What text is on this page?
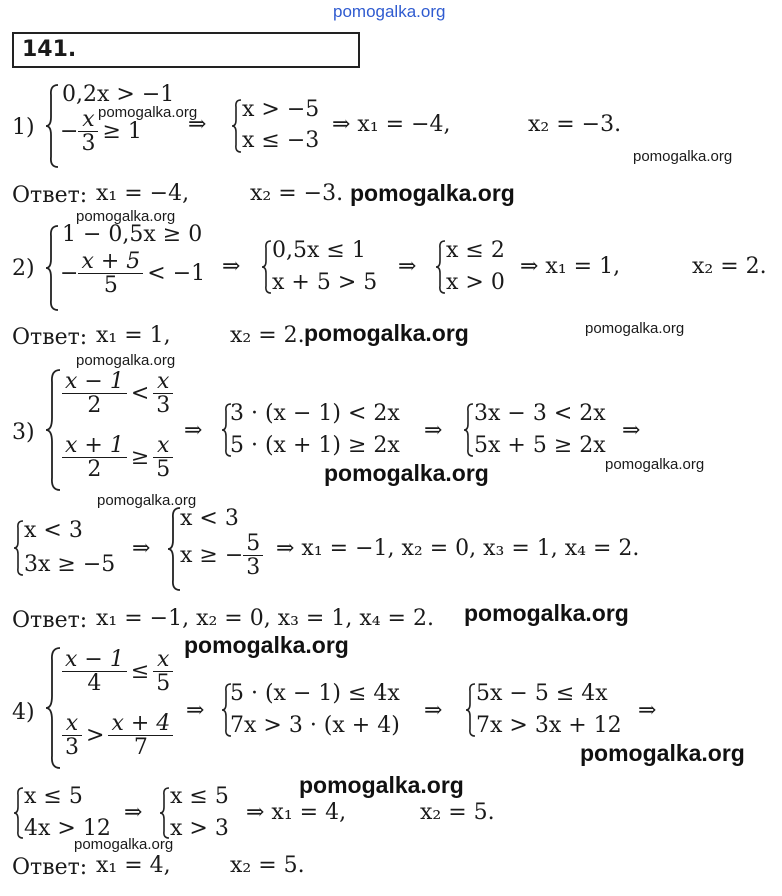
pomogalka.org
141.
1)
0,2x > −1
− $\frac{x}{3} \ge 1$ ⇒
x > −5
x ≤ −3
⇒ x₁ = −4,	x₂ = −3.
Ответ: x₁ = −4,	x₂ = −3.
2)
1 − 0,5x ≥ 0
− $\frac{x + 5}{5} < -1$ ⇒
0,5x ≤ 1
x + 5 > 5
⇒
x ≤ 2
x > 0
⇒ x₁ = 1,	x₂ = 2.
Ответ: x₁ = 1,	x₂ = 2.
3)
$\frac{x - 1}{2} < \frac{x}{3}$
$\frac{x + 1}{2} \ge \frac{x}{5}$
⇒
3 · (x − 1) < 2x
5 · (x + 1) ≥ 2x
⇒
3x − 3 < 2x
5x + 5 ≥ 2x
⇒
x < 3
3x ≥ −5
⇒
x < 3
x ≥ − $\frac{5}{3}$ ⇒ x₁ = −1, x₂ = 0, x₃ = 1, x₄ = 2.
Ответ: x₁ = −1, x₂ = 0, x₃ = 1, x₄ = 2.
4)
$\frac{x - 1}{4} \le \frac{x}{5}$
$\frac{x}{3} > \frac{x + 4}{7}$
⇒
5 · (x − 1) ≤ 4x
7x > 3 · (x + 4)
⇒
5x − 5 ≤ 4x
7x > 3x + 12
⇒
x ≤ 5
4x > 12
⇒
x ≤ 5
x > 3
⇒ x₁ = 4,	x₂ = 5.
Ответ: x₁ = 4,	x₂ = 5.
pomogalka.org
pomogalka.org
pomogalka.org
pomogalka.org
pomogalka.org	pomogalka.org
pomogalka.org
pomogalka.org	pomogalka.org
pomogalka.org
pomogalka.org
pomogalka.org
pomogalka.org
pomogalka.org
pomogalka.org
